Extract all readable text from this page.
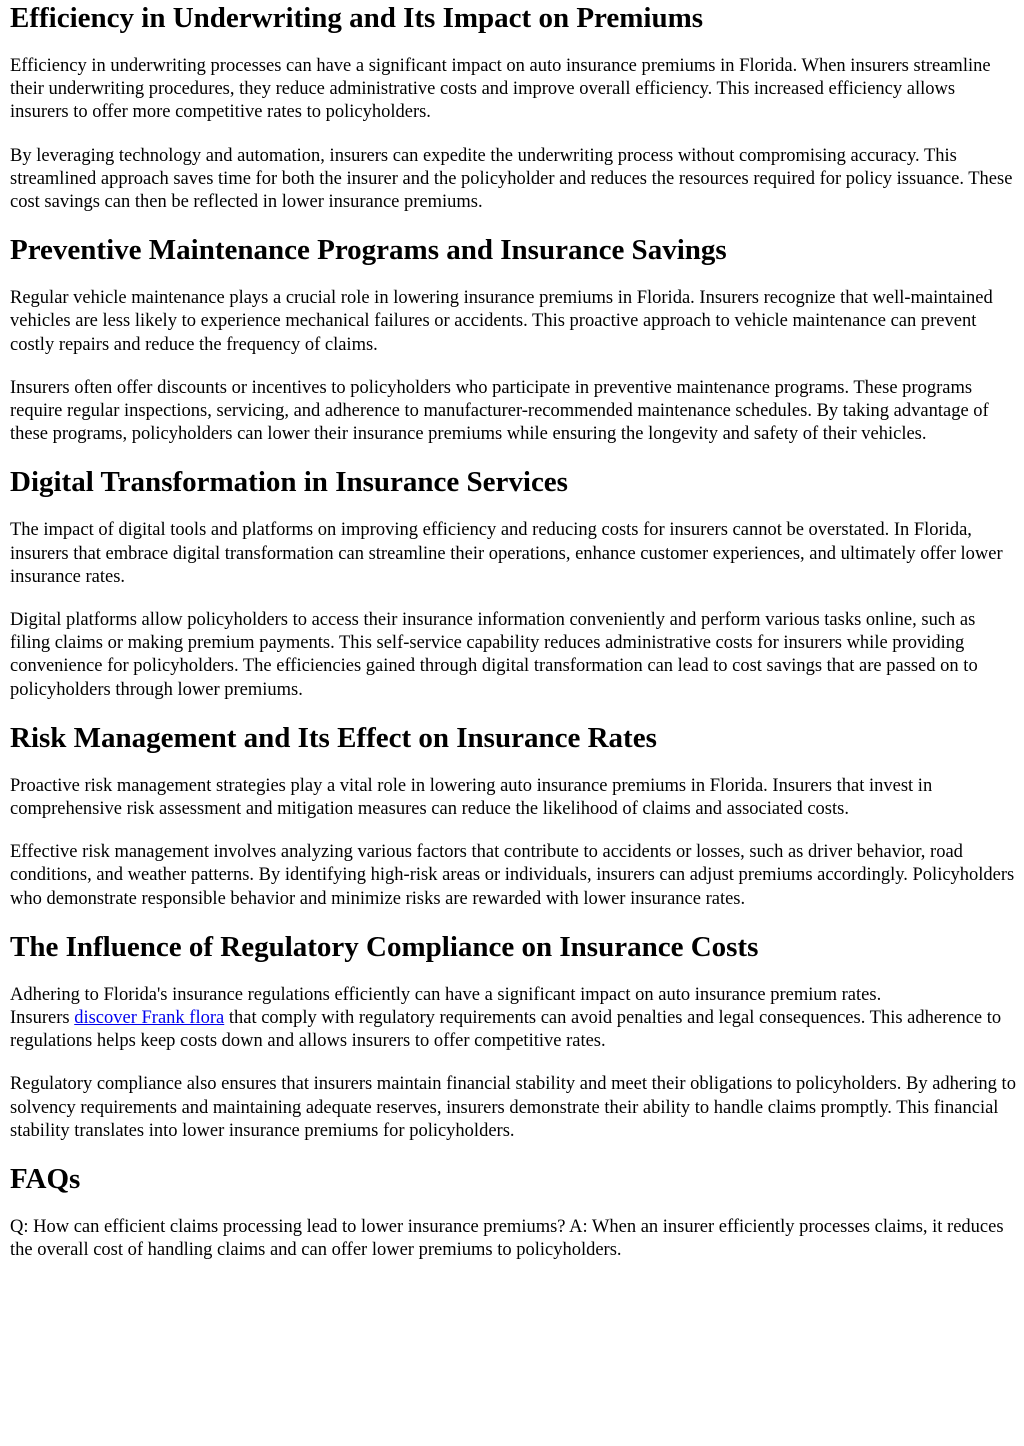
Efficiency in Underwriting and Its Impact on Premiums

Efficiency in underwriting processes can have a significant impact on auto insurance premiums in Florida. When insurers streamline their underwriting procedures, they reduce administrative costs and improve overall efficiency. This increased efficiency allows insurers to offer more competitive rates to policyholders.

By leveraging technology and automation, insurers can expedite the underwriting process without compromising accuracy. This streamlined approach saves time for both the insurer and the policyholder and reduces the resources required for policy issuance. These cost savings can then be reflected in lower insurance premiums.

Preventive Maintenance Programs and Insurance Savings

Regular vehicle maintenance plays a crucial role in lowering insurance premiums in Florida. Insurers recognize that well-maintained vehicles are less likely to experience mechanical failures or accidents. This proactive approach to vehicle maintenance can prevent costly repairs and reduce the frequency of claims.

Insurers often offer discounts or incentives to policyholders who participate in preventive maintenance programs. These programs require regular inspections, servicing, and adherence to manufacturer-recommended maintenance schedules. By taking advantage of these programs, policyholders can lower their insurance premiums while ensuring the longevity and safety of their vehicles.

Digital Transformation in Insurance Services

The impact of digital tools and platforms on improving efficiency and reducing costs for insurers cannot be overstated. In Florida, insurers that embrace digital transformation can streamline their operations, enhance customer experiences, and ultimately offer lower insurance rates.

Digital platforms allow policyholders to access their insurance information conveniently and perform various tasks online, such as filing claims or making premium payments. This self-service capability reduces administrative costs for insurers while providing convenience for policyholders. The efficiencies gained through digital transformation can lead to cost savings that are passed on to policyholders through lower premiums.

Risk Management and Its Effect on Insurance Rates

Proactive risk management strategies play a vital role in lowering auto insurance premiums in Florida. Insurers that invest in comprehensive risk assessment and mitigation measures can reduce the likelihood of claims and associated costs.

Effective risk management involves analyzing various factors that contribute to accidents or losses, such as driver behavior, road conditions, and weather patterns. By identifying high-risk areas or individuals, insurers can adjust premiums accordingly. Policyholders who demonstrate responsible behavior and minimize risks are rewarded with lower insurance rates.

The Influence of Regulatory Compliance on Insurance Costs

Adhering to Florida's insurance regulations efficiently can have a significant impact on auto insurance premium rates.
Insurers discover Frank flora that comply with regulatory requirements can avoid penalties and legal consequences. This adherence to regulations helps keep costs down and allows insurers to offer competitive rates.

Regulatory compliance also ensures that insurers maintain financial stability and meet their obligations to policyholders. By adhering to solvency requirements and maintaining adequate reserves, insurers demonstrate their ability to handle claims promptly. This financial stability translates into lower insurance premiums for policyholders.

FAQs

Q: How can efficient claims processing lead to lower insurance premiums? A: When an insurer efficiently processes claims, it reduces the overall cost of handling claims and can offer lower premiums to policyholders.
